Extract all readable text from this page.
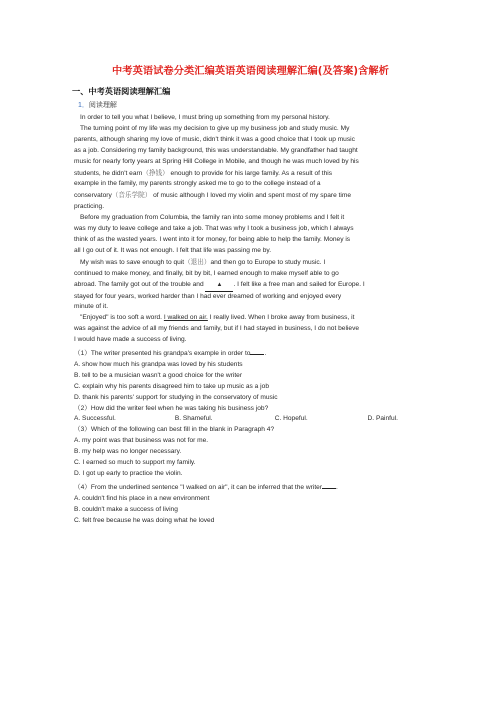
中考英语试卷分类汇编英语英语阅读理解汇编(及答案)含解析
一、中考英语阅读理解汇编
1．阅读理解
In order to tell you what I believe, I must bring up something from my personal history.
The turning point of my life was my decision to give up my business job and study music. My
parents, although sharing my love of music, didn't think it was a good choice that I took up music
as a job. Considering my family background, this was understandable. My grandfather had taught
music for nearly forty years at Spring Hill College in Mobile, and though he was much loved by his
students, he didn't earn（挣钱） enough to provide for his large family. As a result of this
example in the family, my parents strongly asked me to go to the college instead of a
conservatory（音乐学院） of music although I loved my violin and spent most of my spare time
practicing.
Before my graduation from Columbia, the family ran into some money problems and I felt it
was my duty to leave college and take a job. That was why I took a business job, which I always
think of as the wasted years. I went into it for money, for being able to help the family. Money is
all I go out of it. It was not enough. I felt that life was passing me by.
My wish was to save enough to quit（退出）and then go to Europe to study music. I
continued to make money, and finally, bit by bit, I earned enough to make myself able to go
abroad. The family got out of the trouble and ▲ . I felt like a free man and sailed for Europe. I
stayed for four years, worked harder than I had ever dreamed of working and enjoyed every
minute of it.
"Enjoyed" is too soft a word. I walked on air. I really lived. When I broke away from business, it
was against the advice of all my friends and family, but if I had stayed in business, I do not believe
I would have made a success of living.
（1）The writer presented his grandpa's example in order to .
A. show how much his grandpa was loved by his students
B. tell to be a musician wasn't a good choice for the writer
C. explain why his parents disagreed him to take up music as a job
D. thank his parents' support for studying in the conservatory of music
（2）How did the writer feel when he was taking his business job?
A. Successful.	B. Shameful.	C. Hopeful.	D. Painful.
（3）Which of the following can best fill in the blank in Paragraph 4?
A. my point was that business was not for me.
B. my help was no longer necessary.
C. I earned so much to support my family.
D. I got up early to practice the violin.
（4）From the underlined sentence "I walked on air", it can be inferred that the writer .
A. couldn't find his place in a new environment
B. couldn't make a success of living
C. felt free because he was doing what he loved
